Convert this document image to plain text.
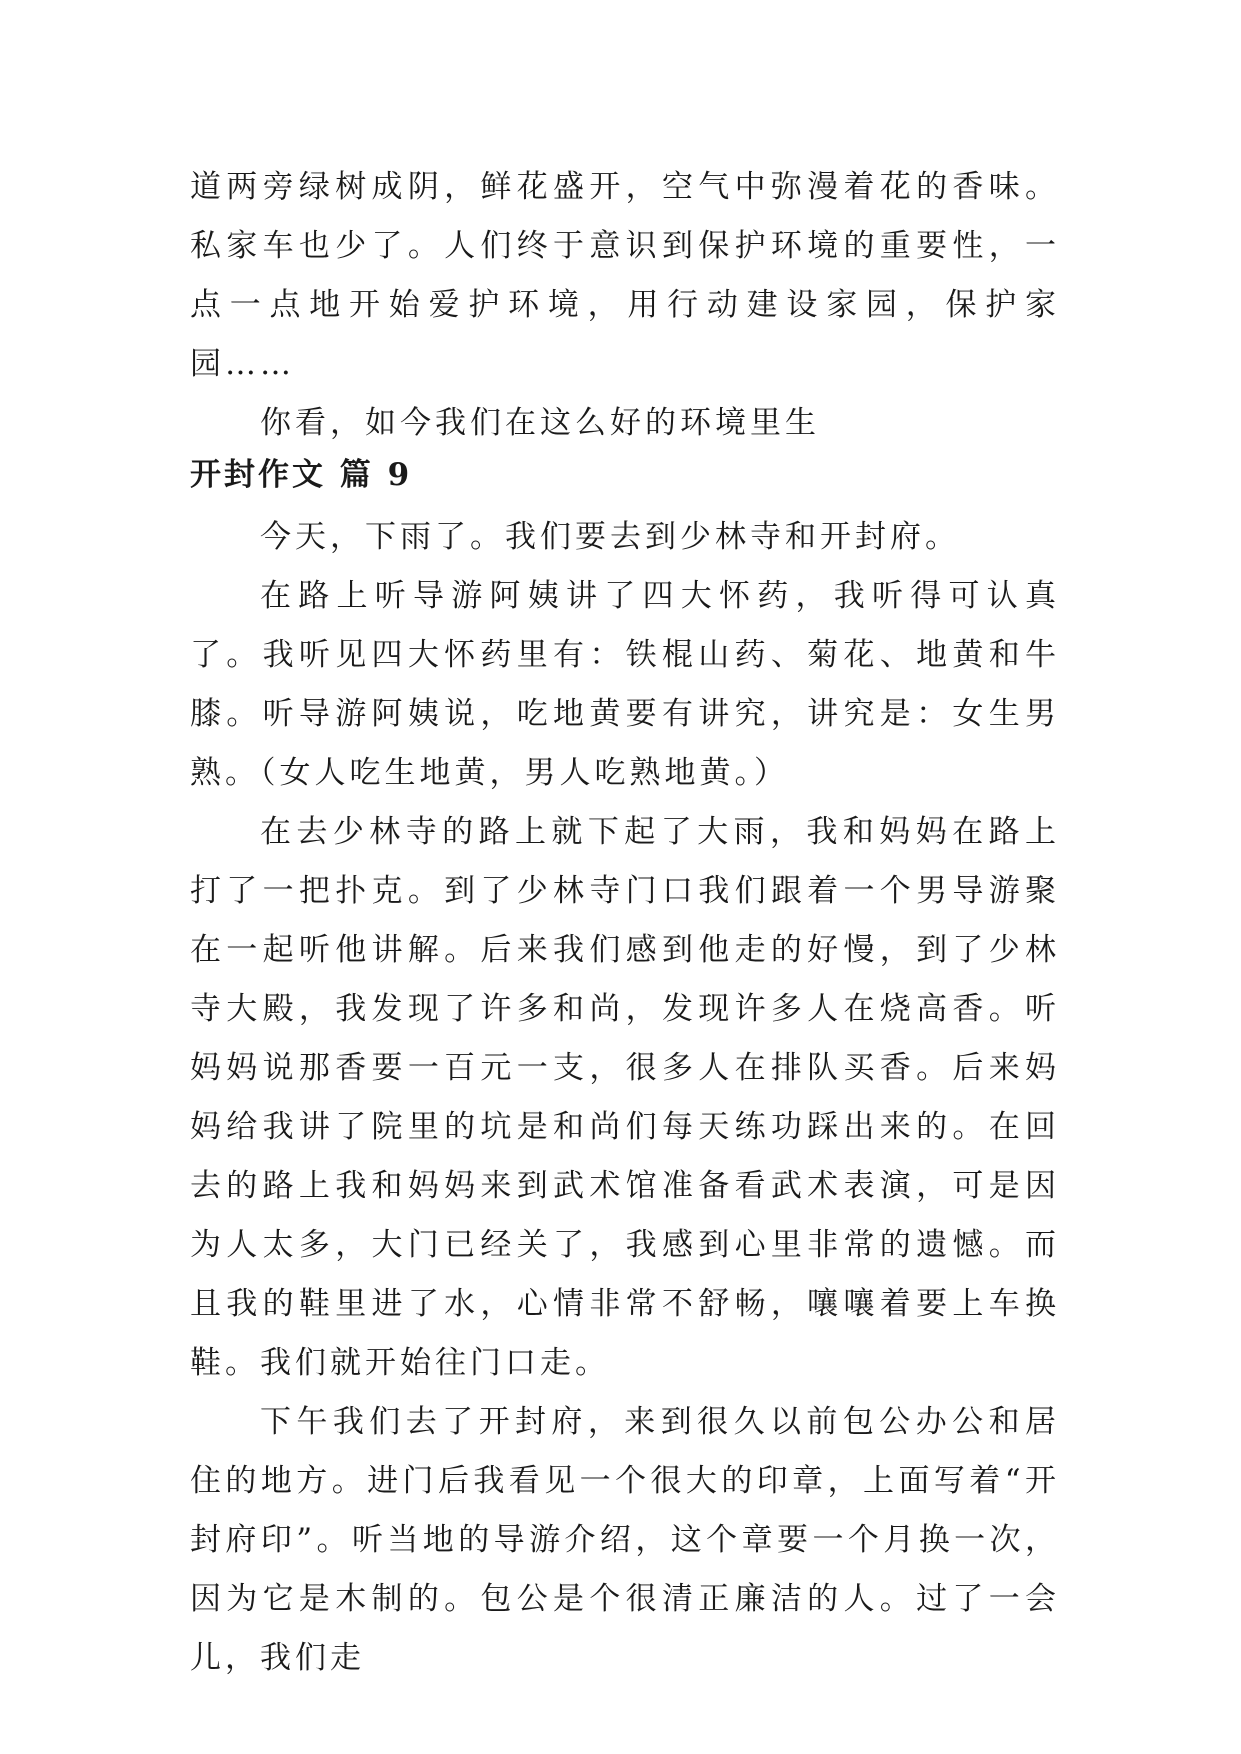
道两旁绿树成阴，鲜花盛开，空气中弥漫着花的香味。私家车也少了。人们终于意识到保护环境的重要性，一点一点地开始爱护环境，用行动建设家园，保护家园……

你看，如今我们在这么好的环境里生

开封作文 篇 9

今天，下雨了。我们要去到少林寺和开封府。

在路上听导游阿姨讲了四大怀药，我听得可认真了。我听见四大怀药里有：铁棍山药、菊花、地黄和牛膝。听导游阿姨说，吃地黄要有讲究，讲究是：女生男熟。（女人吃生地黄，男人吃熟地黄。）

在去少林寺的路上就下起了大雨，我和妈妈在路上打了一把扑克。到了少林寺门口我们跟着一个男导游聚在一起听他讲解。后来我们感到他走的好慢，到了少林寺大殿，我发现了许多和尚，发现许多人在烧高香。听妈妈说那香要一百元一支，很多人在排队买香。后来妈妈给我讲了院里的坑是和尚们每天练功踩出来的。在回去的路上我和妈妈来到武术馆准备看武术表演，可是因为人太多，大门已经关了，我感到心里非常的遗憾。而且我的鞋里进了水，心情非常不舒畅，嚷嚷着要上车换鞋。我们就开始往门口走。

下午我们去了开封府，来到很久以前包公办公和居住的地方。进门后我看见一个很大的印章，上面写着“开封府印”。听当地的导游介绍，这个章要一个月换一次，因为它是木制的。包公是个很清正廉洁的人。过了一会儿，我们走
